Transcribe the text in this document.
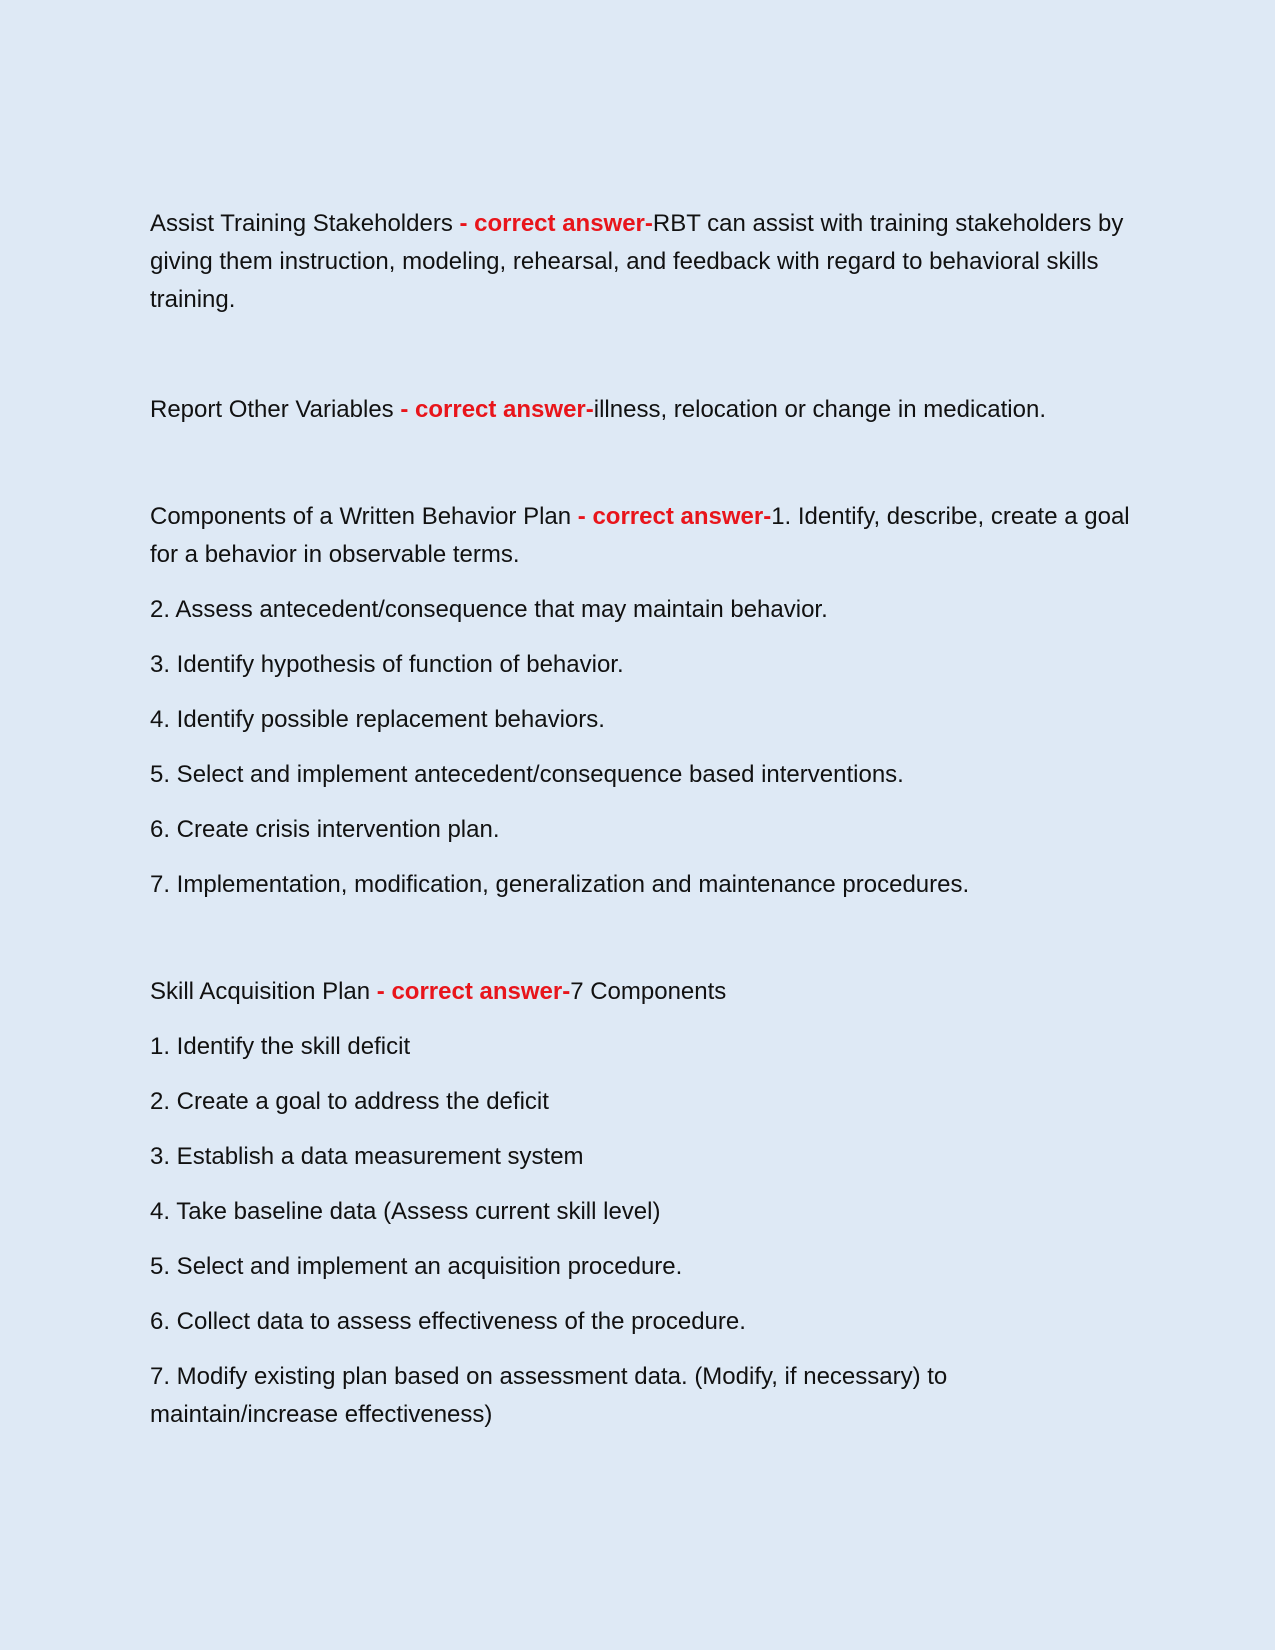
Assist Training Stakeholders - correct answer-RBT can assist with training stakeholders by giving them instruction, modeling, rehearsal, and feedback with regard to behavioral skills training.

Report Other Variables - correct answer-illness, relocation or change in medication.

Components of a Written Behavior Plan - correct answer-1. Identify, describe, create a goal for a behavior in observable terms.

2. Assess antecedent/consequence that may maintain behavior.

3. Identify hypothesis of function of behavior.

4. Identify possible replacement behaviors.

5. Select and implement antecedent/consequence based interventions.

6. Create crisis intervention plan.

7. Implementation, modification, generalization and maintenance procedures.

Skill Acquisition Plan - correct answer-7 Components

1. Identify the skill deficit

2. Create a goal to address the deficit

3. Establish a data measurement system

4. Take baseline data (Assess current skill level)

5. Select and implement an acquisition procedure.

6. Collect data to assess effectiveness of the procedure.

7. Modify existing plan based on assessment data. (Modify, if necessary) to maintain/increase effectiveness)
